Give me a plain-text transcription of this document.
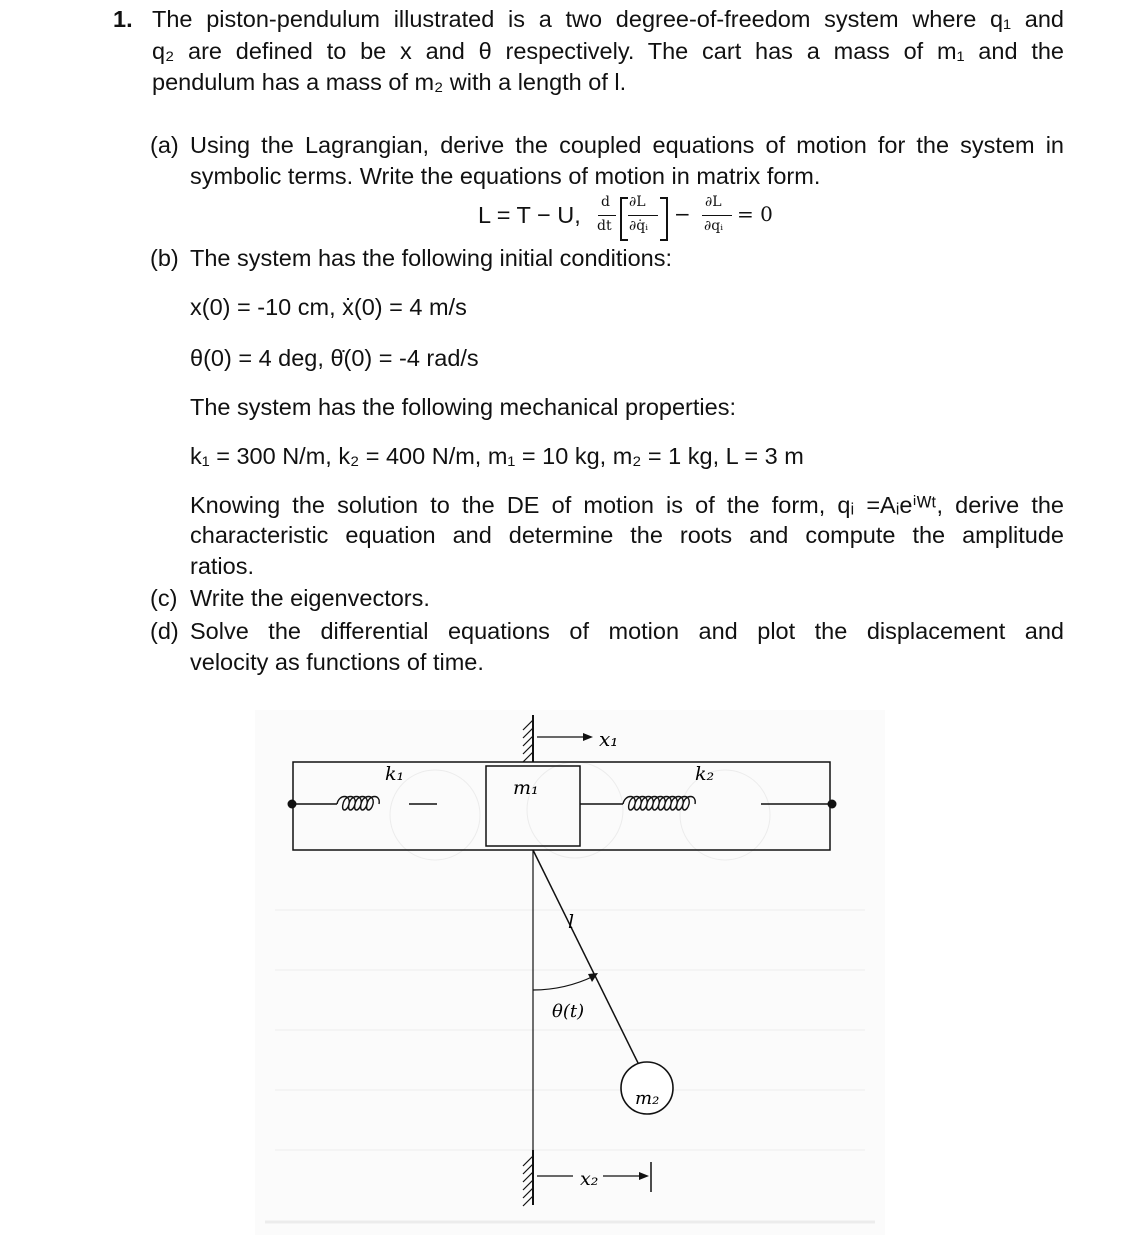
1. The piston-pendulum illustrated is a two degree-of-freedom system where q₁ and
q₂ are defined to be x and θ respectively. The cart has a mass of m₁ and the
pendulum has a mass of m₂ with a length of l.
(a) Using the Lagrangian, derive the coupled equations of motion for the system in
symbolic terms. Write the equations of motion in matrix form.
L = T − U, d
dt
∂L
∂q̇ᵢ − ∂L
∂qᵢ = 0
(b) The system has the following initial conditions:
x(0) = -10 cm, ẋ(0) = 4 m/s
θ(0) = 4 deg, θ̇(0) = -4 rad/s
The system has the following mechanical properties:
k₁ = 300 N/m, k₂ = 400 N/m, m₁ = 10 kg, m₂ = 1 kg, L = 3 m
Knowing the solution to the DE of motion is of the form, qᵢ =Aᵢeⁱᵂᵗ, derive the
characteristic equation and determine the roots and compute the amplitude
ratios.
(c) Write the eigenvectors.
(d) Solve the differential equations of motion and plot the displacement and
velocity as functions of time.
x₁
m₁
k₁	k₂
l
θ(t)
m₂
x₂
